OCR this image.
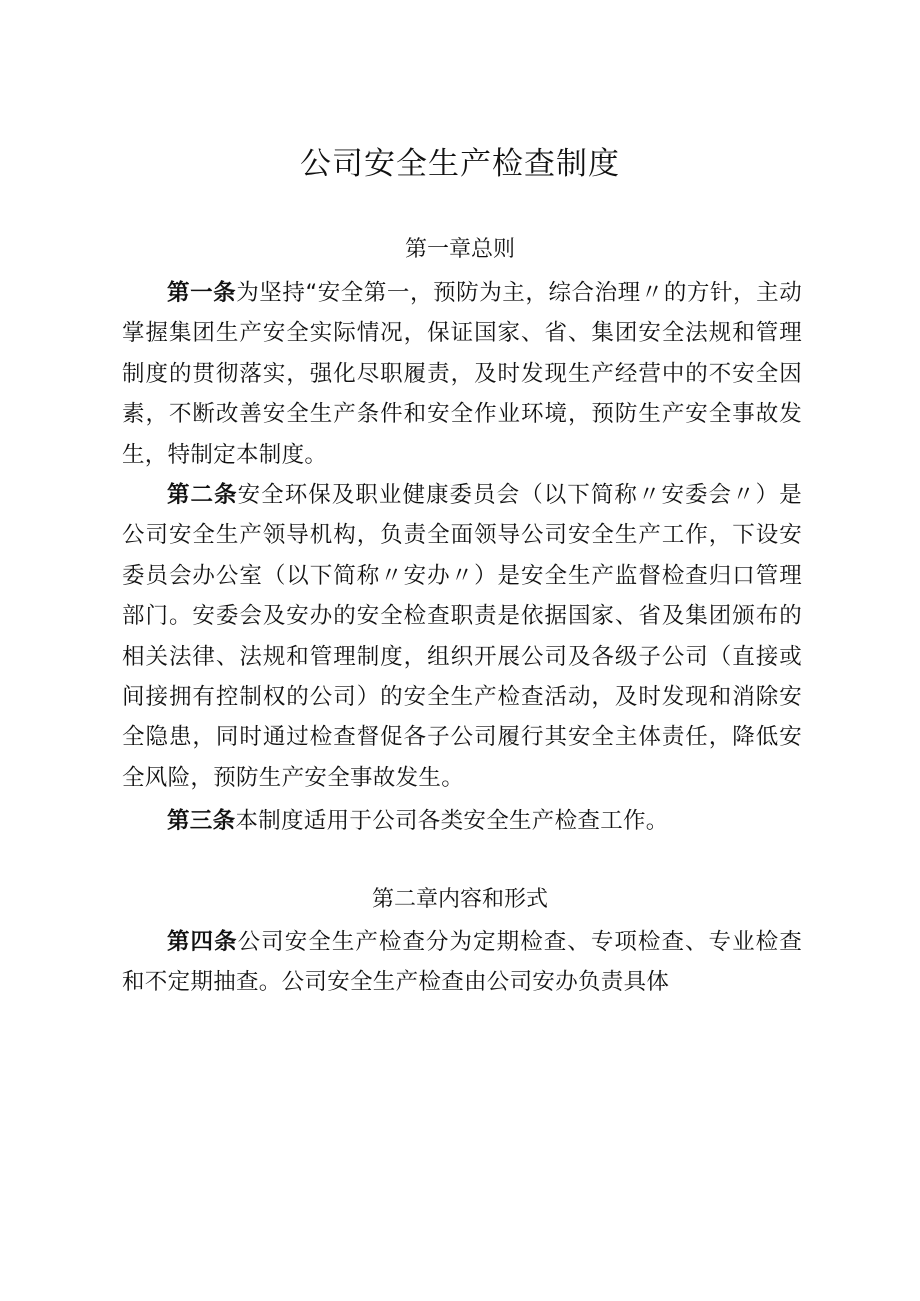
公司安全生产检查制度
第一章总则

第一条为坚持“安全第一，预防为主，综合治理〃的方针，主动掌握集团生产安全实际情况，保证国家、省、集团安全法规和管理制度的贯彻落实，强化尽职履责，及时发现生产经营中的不安全因素，不断改善安全生产条件和安全作业环境，预防生产安全事故发生，特制定本制度。

第二条安全环保及职业健康委员会（以下简称〃安委会〃）是公司安全生产领导机构，负责全面领导公司安全生产工作，下设安委员会办公室（以下简称〃安办〃）是安全生产监督检查归口管理部门。安委会及安办的安全检查职责是依据国家、省及集团颁布的相关法律、法规和管理制度，组织开展公司及各级子公司（直接或间接拥有控制权的公司）的安全生产检查活动，及时发现和消除安全隐患，同时通过检查督促各子公司履行其安全主体责任，降低安全风险，预防生产安全事故发生。

第三条本制度适用于公司各类安全生产检查工作。

第二章内容和形式

第四条公司安全生产检查分为定期检查、专项检查、专业检查和不定期抽查。公司安全生产检查由公司安办负责具体
